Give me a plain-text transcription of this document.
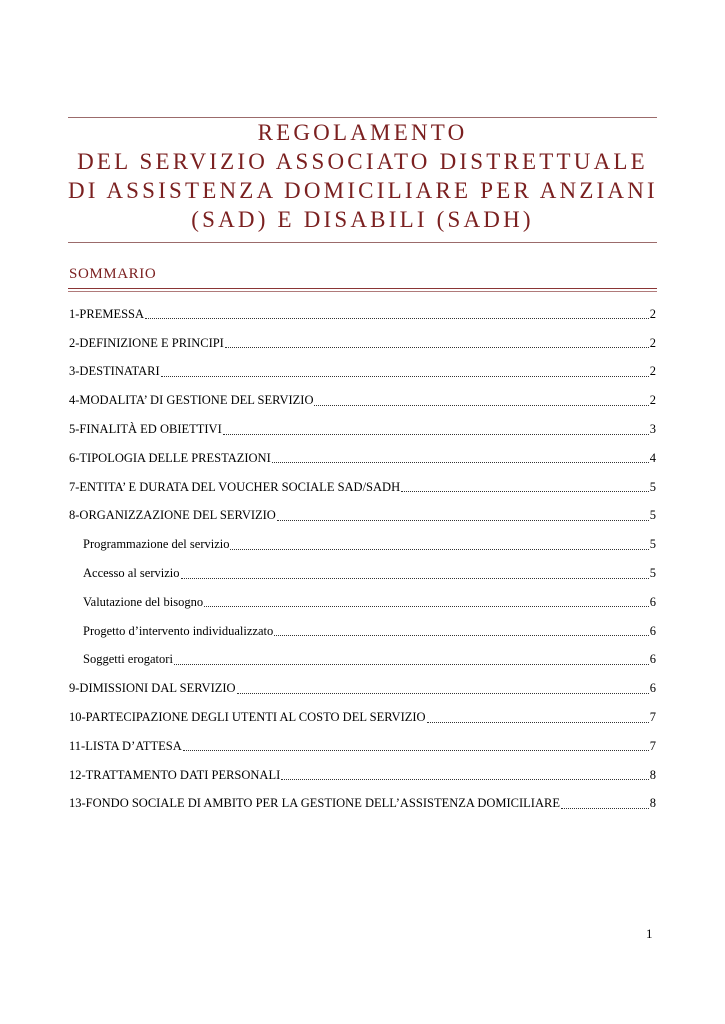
REGOLAMENTO
DEL SERVIZIO ASSOCIATO DISTRETTUALE
DI ASSISTENZA DOMICILIARE PER ANZIANI
(SAD) E DISABILI (SADH)
SOMMARIO
1-PREMESSA	2
2-DEFINIZIONE E PRINCIPI	2
3-DESTINATARI	2
4-MODALITA’ DI GESTIONE DEL SERVIZIO	2
5-FINALITÀ ED OBIETTIVI	3
6-TIPOLOGIA DELLE PRESTAZIONI	4
7-ENTITA’ E DURATA DEL VOUCHER SOCIALE SAD/SADH	5
8-ORGANIZZAZIONE DEL SERVIZIO	5
Programmazione del servizio	5
Accesso al servizio	5
Valutazione del bisogno	6
Progetto d’intervento individualizzato	6
Soggetti erogatori	6
9-DIMISSIONI DAL SERVIZIO	6
10-PARTECIPAZIONE DEGLI UTENTI AL COSTO DEL SERVIZIO	7
11-LISTA D’ATTESA	7
12-TRATTAMENTO DATI PERSONALI	8
13-FONDO SOCIALE DI AMBITO PER LA GESTIONE DELL’ASSISTENZA DOMICILIARE	8
1
